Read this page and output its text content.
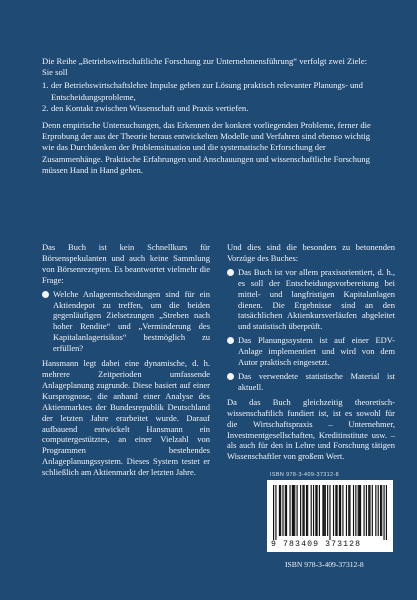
Die Reihe „Betriebswirtschaftliche Forschung zur Unternehmensführung“ verfolgt zwei Ziele: Sie soll

1. der Betriebswirtschaftslehre Impulse geben zur Lösung praktisch relevanter Planungs- und Entscheidungsprobleme,
2. den Kontakt zwischen Wissenschaft und Praxis vertiefen.

Denn empirische Untersuchungen, das Erkennen der konkret vorliegenden Probleme, ferner die Erprobung der aus der Theorie heraus entwickelten Modelle und Verfahren sind ebenso wichtig wie das Durchdenken der Problemsituation und die systematische Erforschung der Zusammenhänge. Praktische Erfahrungen und Anschauungen und wissenschaftliche Forschung müssen Hand in Hand gehen.

Das Buch ist kein Schnellkurs für Börsenspekulanten und auch keine Sammlung von Börsenrezepten. Es beantwortet vielmehr die Frage:

Welche Anlageentscheidungen sind für ein Aktiendepot zu treffen, um die beiden gegenläufigen Zielsetzungen „Streben nach hoher Rendite“ und „Verminderung des Kapitalanlagerisikos“ bestmöglich zu erfüllen?

Hansmann legt dabei eine dynamische, d. h. mehrere Zeitperioden umfassende Anlageplanung zugrunde. Diese basiert auf einer Kursprognose, die anhand einer Analyse des Aktienmarktes der Bundesrepublik Deutschland der letzten Jahre erarbeitet wurde. Darauf aufbauend entwickelt Hansmann ein computergestütztes, an einer Vielzahl von Programmen bestehendes Anlageplanungssystem. Dieses System testet er schließlich am Aktienmarkt der letzten Jahre.

Und dies sind die besonders zu betonenden Vorzüge des Buches:

Das Buch ist vor allem praxisorientiert, d. h., es soll der Entscheidungsvorbereitung bei mittel- und langfristigen Kapitalanlagen dienen. Die Ergebnisse sind an den tatsächlichen Aktienkursverläufen abgeleitet und statistisch überprüft.
Das Planungssystem ist auf einer EDV-Anlage implementiert und wird von dem Autor praktisch eingesetzt.
Das verwendete statistische Material ist aktuell.

Da das Buch gleichzeitig theoretisch-wissenschaftlich fundiert ist, ist es sowohl für die Wirtschaftspraxis – Unternehmer, Investmentgesellschaften, Kreditinstitute usw. – als auch für den in Lehre und Forschung tätigen Wissenschaftler von großem Wert.

ISBN 978-3-409-37312-8
9 783409 373128
ISBN 978-3-409-37312-8
